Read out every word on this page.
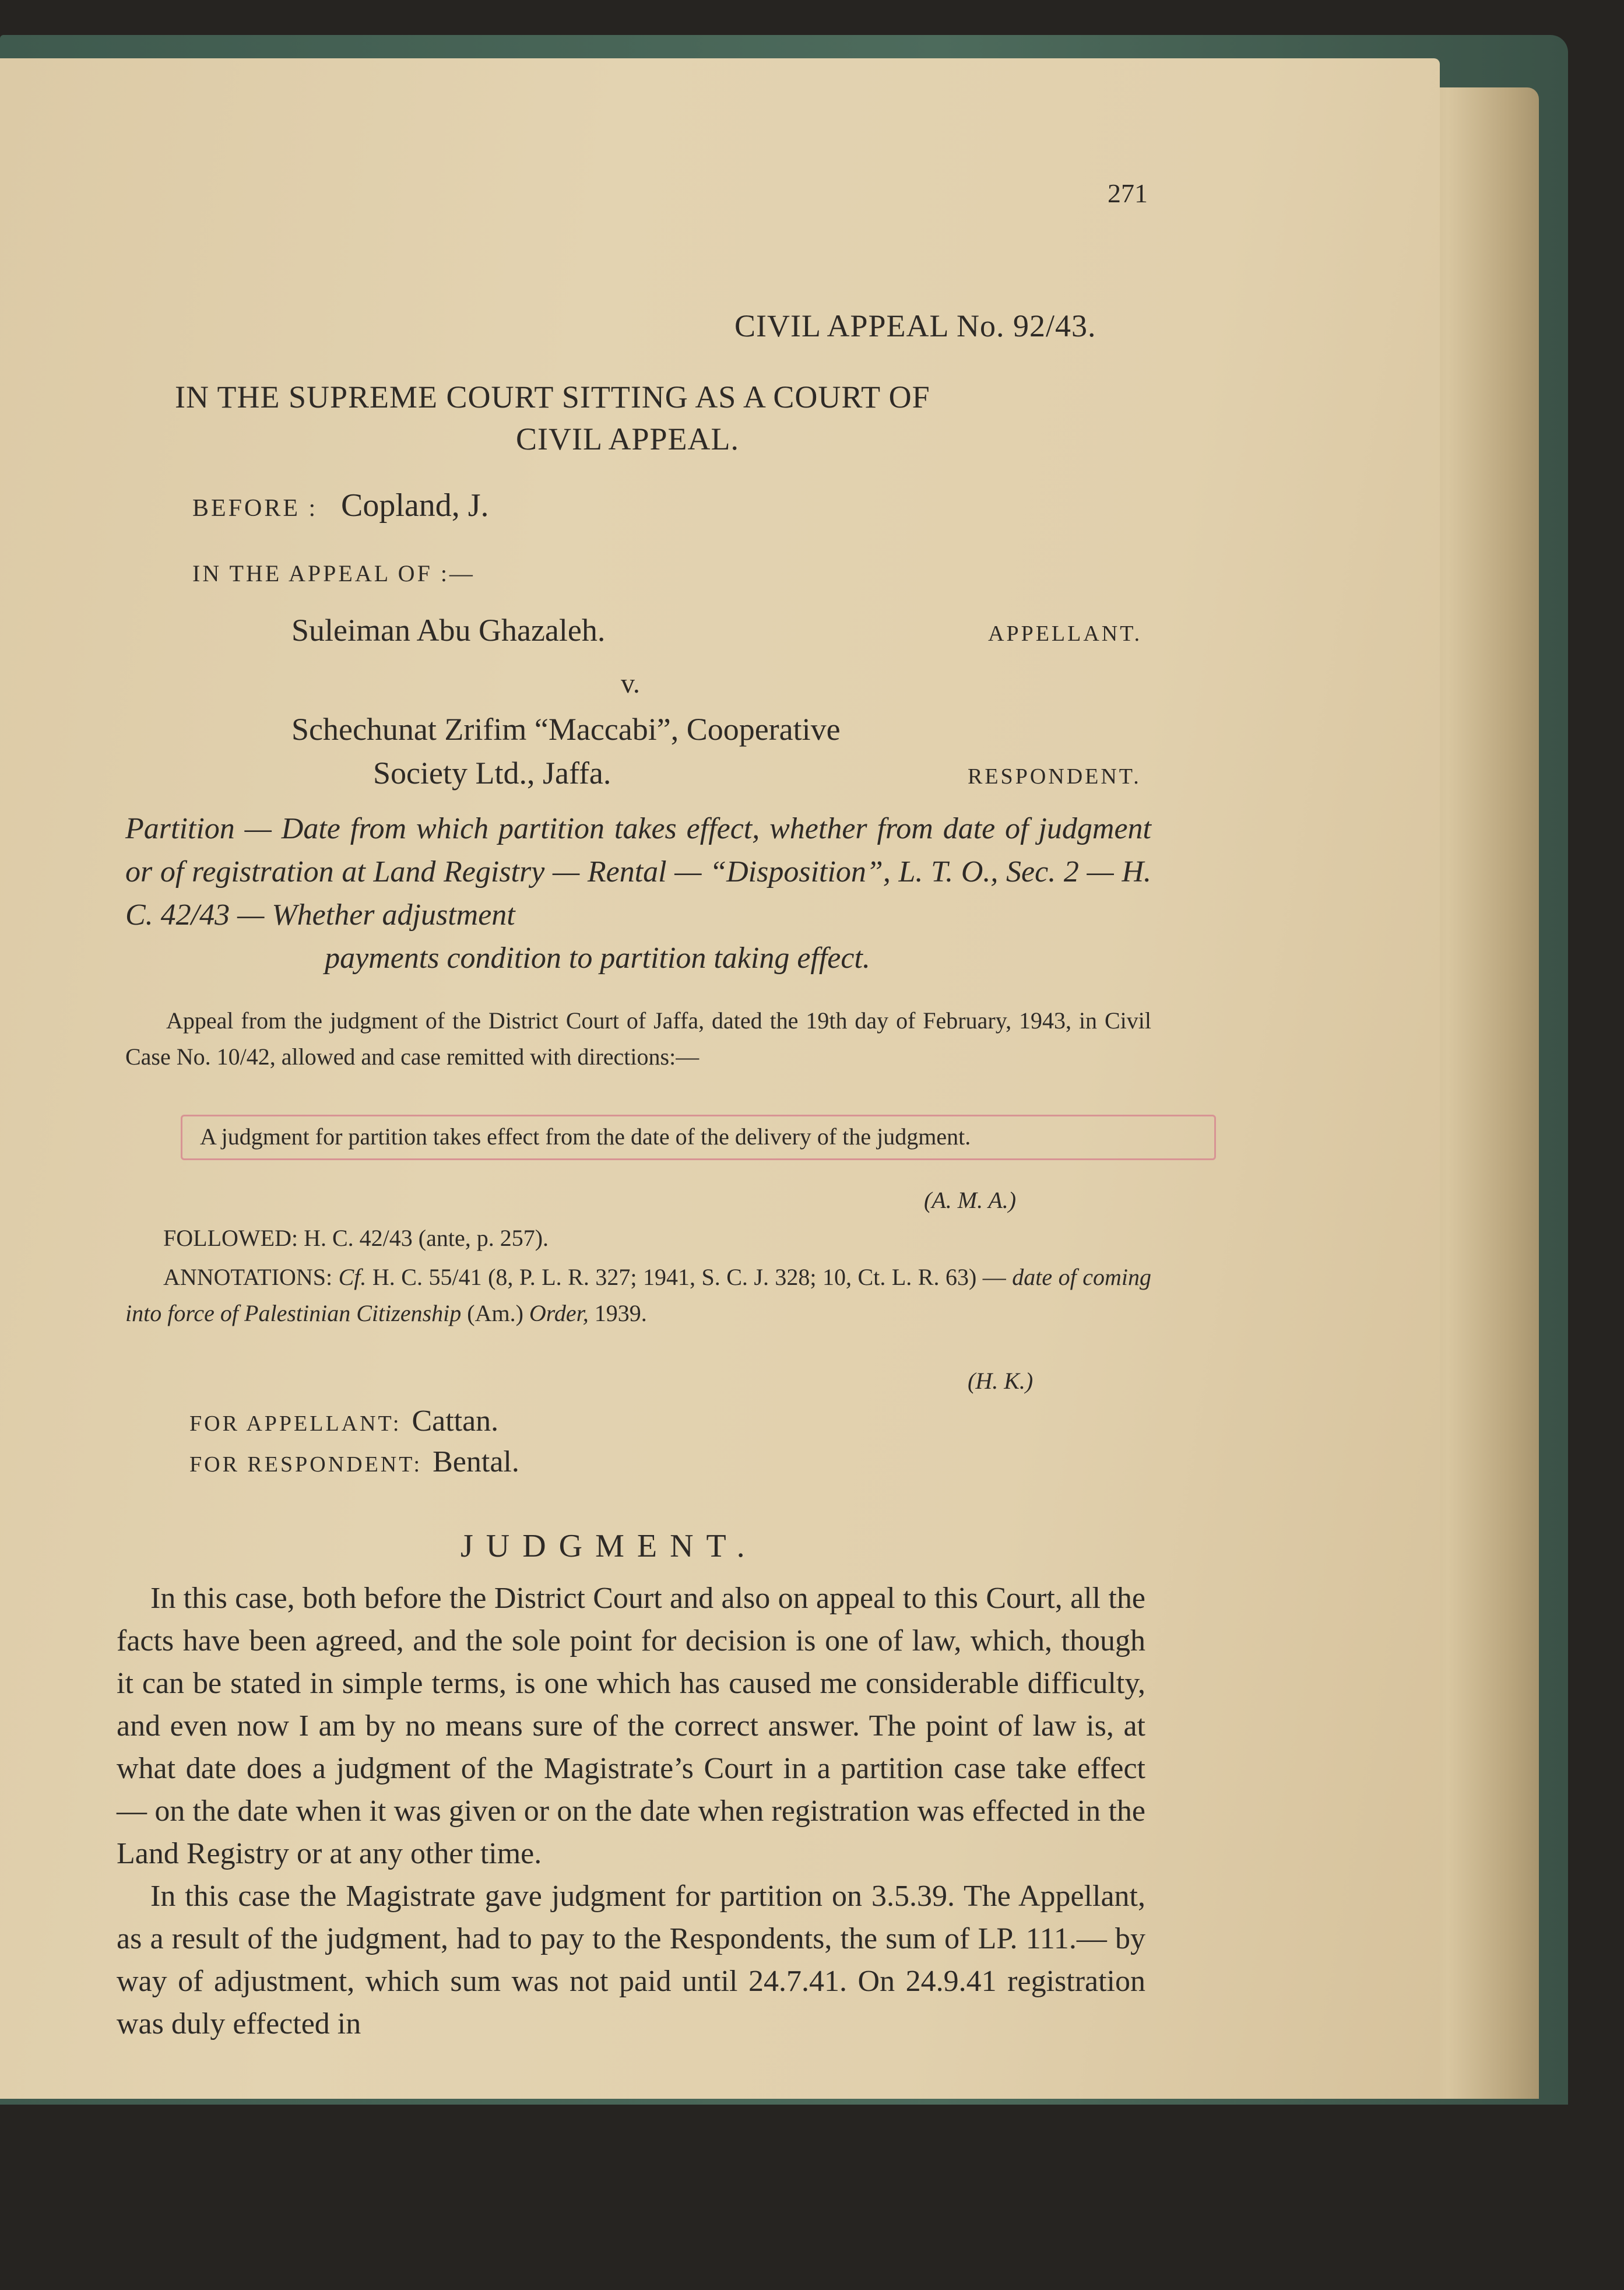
271
CIVIL APPEAL No. 92/43.
IN THE SUPREME COURT SITTING AS A COURT OF
CIVIL APPEAL.
BEFORE : Copland, J.
IN THE APPEAL OF :—
Suleiman Abu Ghazaleh.	APPELLANT.
v.
Schechunat Zrifim “Maccabi”, Cooperative
Society Ltd., Jaffa.	RESPONDENT.
Partition — Date from which partition takes effect, whether from date of judgment or of registration at Land Registry — Rental — “Disposition”, L. T. O., Sec. 2 — H. C. 42/43 — Whether adjustment
payments condition to partition taking effect.
Appeal from the judgment of the District Court of Jaffa, dated the 19th day of February, 1943, in Civil Case No. 10/42, allowed and case remitted with directions:—
A judgment for partition takes effect from the date of the delivery of the judgment.
(A. M. A.)
FOLLOWED: H. C. 42/43 (ante, p. 257).
ANNOTATIONS: Cf. H. C. 55/41 (8, P. L. R. 327; 1941, S. C. J. 328; 10, Ct. L. R. 63) — date of coming into force of Palestinian Citizenship (Am.) Order, 1939.
(H. K.)
FOR APPELLANT: Cattan.
FOR RESPONDENT: Bental.
JUDGMENT.

In this case, both before the District Court and also on appeal to this Court, all the facts have been agreed, and the sole point for decision is one of law, which, though it can be stated in simple terms, is one which has caused me considerable difficulty, and even now I am by no means sure of the correct answer. The point of law is, at what date does a judgment of the Magistrate’s Court in a partition case take effect — on the date when it was given or on the date when registration was effected in the Land Registry or at any other time.

In this case the Magistrate gave judgment for partition on 3.5.39. The Appellant, as a result of the judgment, had to pay to the Respondents, the sum of LP. 111.— by way of adjustment, which sum was not paid until 24.7.41. On 24.9.41 registration was duly effected in
